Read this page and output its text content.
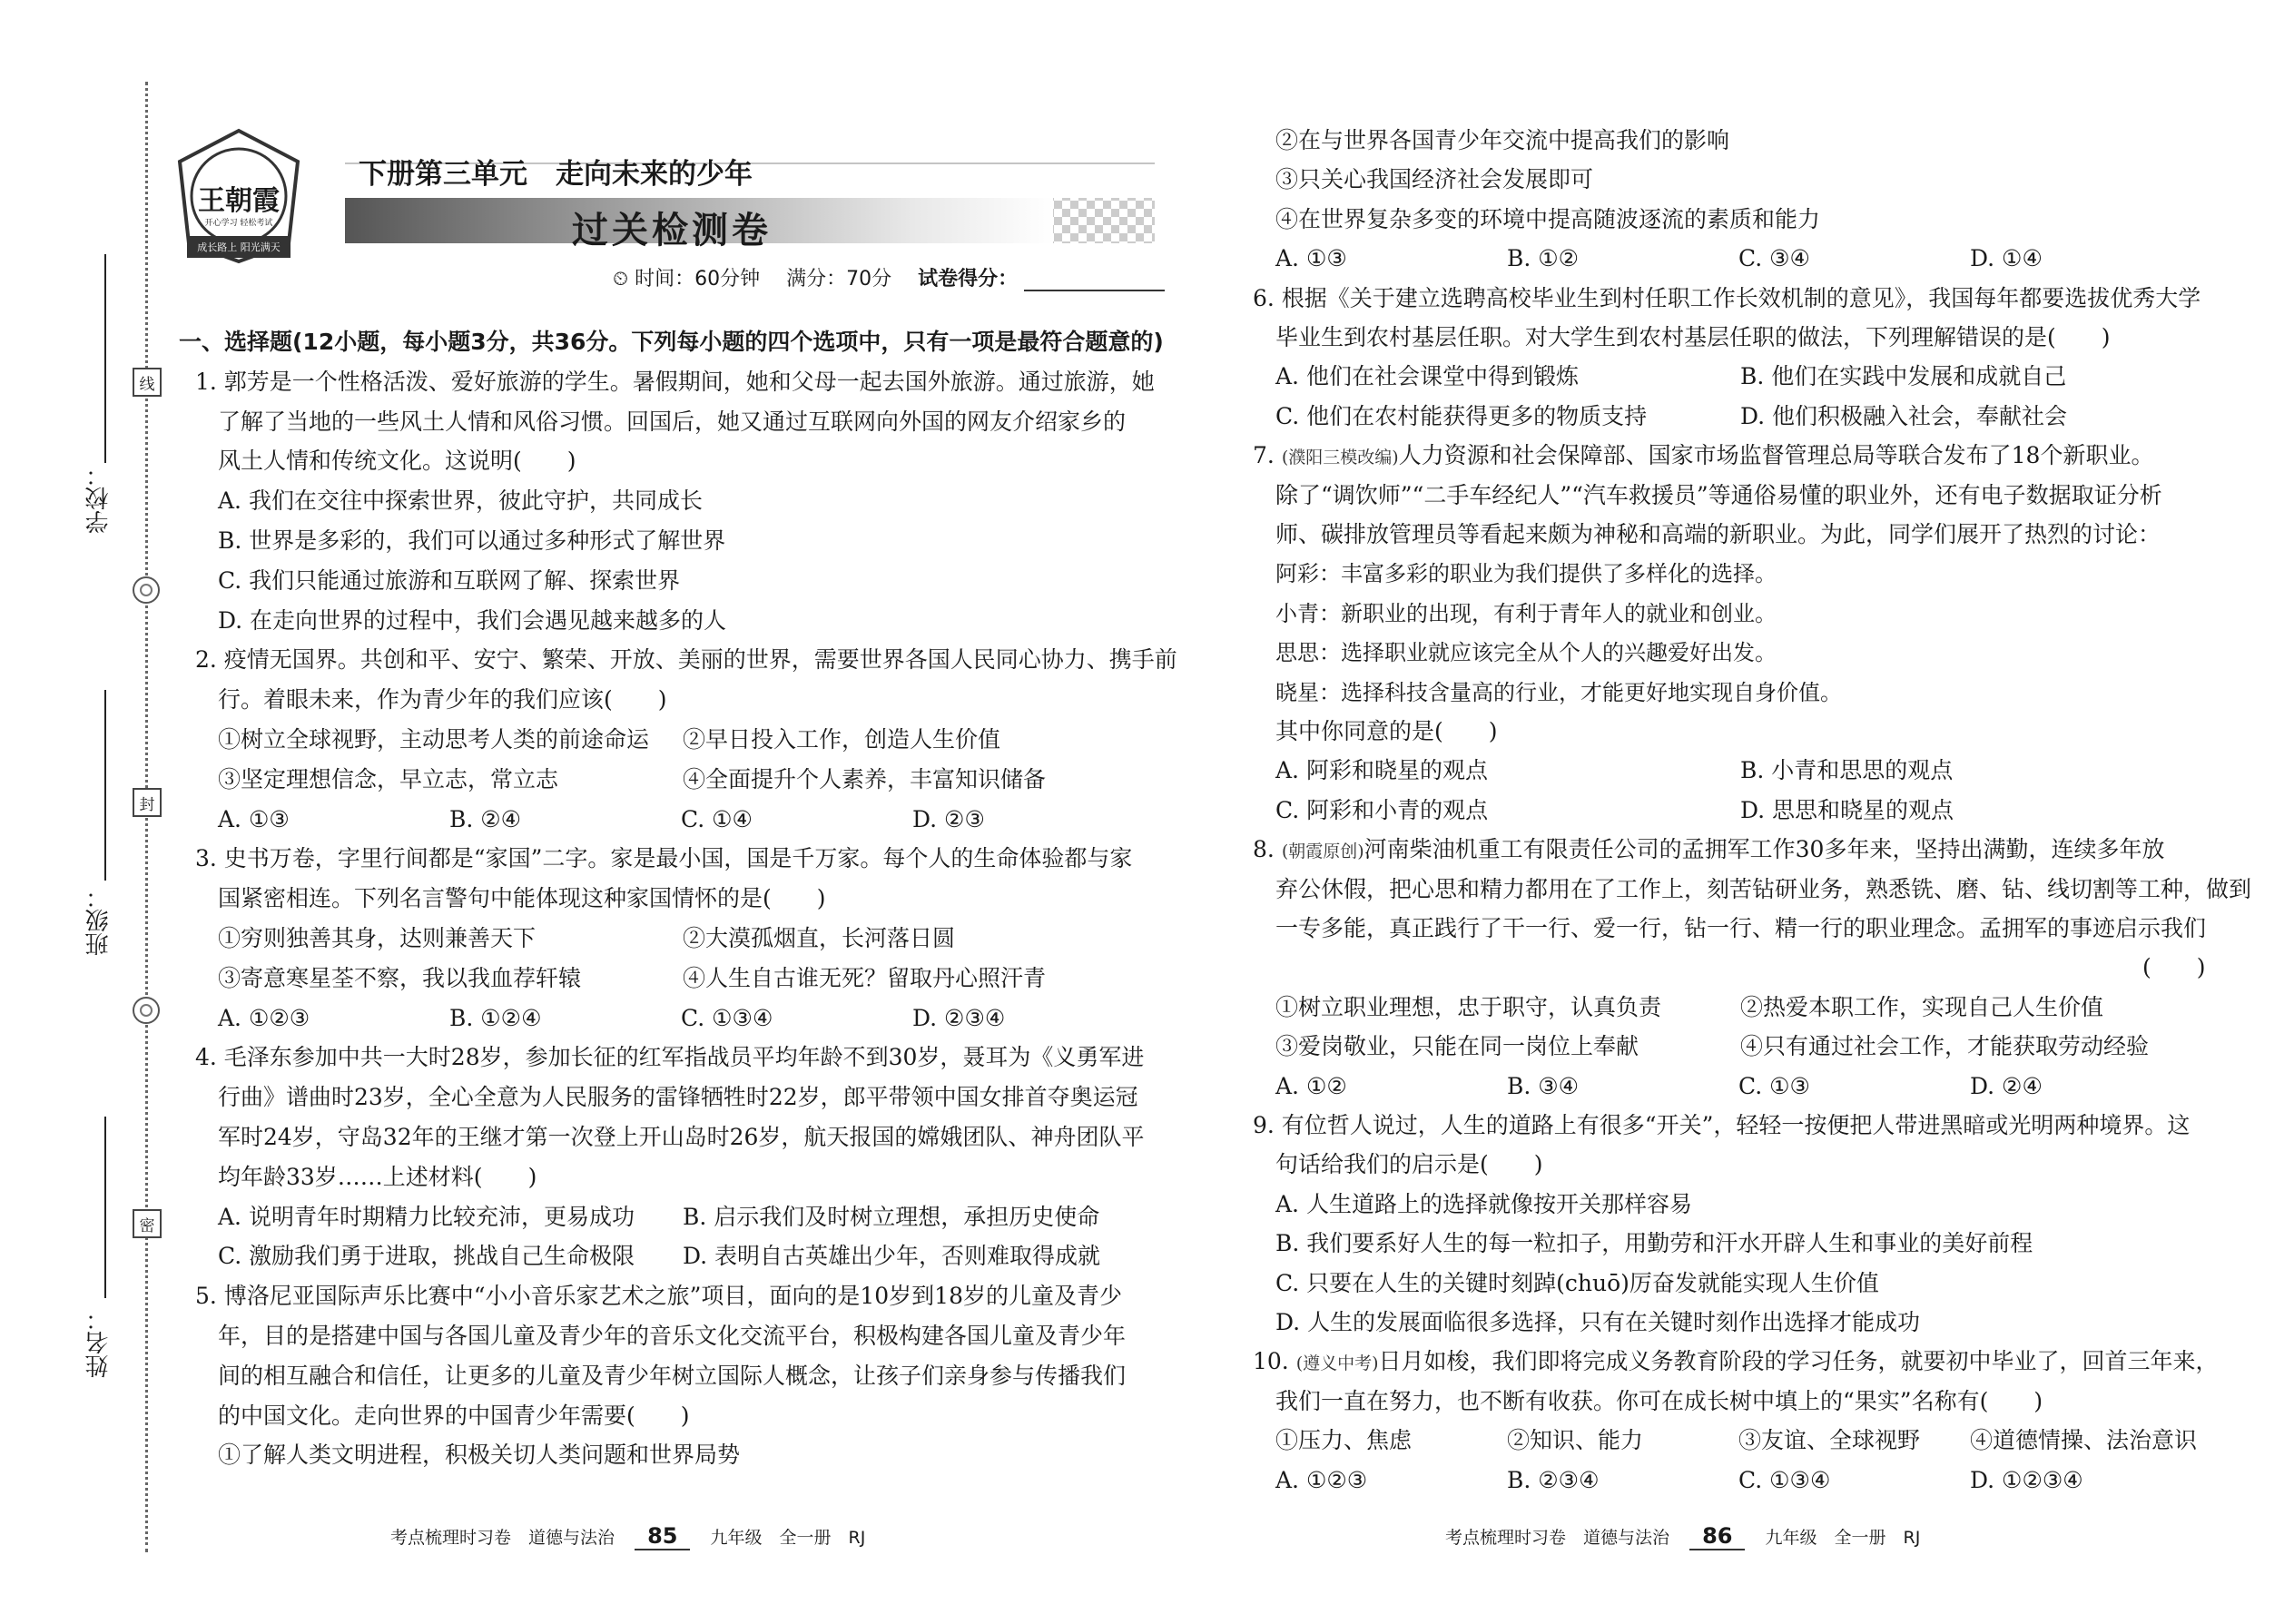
学校：
班级：
姓名：
线
封
密
王朝霞
开心学习 轻松考试
成长路上 阳光满天
下册第三单元　走向未来的少年
过关检测卷
⏲ 时间：60分钟 满分：70分 试卷得分：
一、选择题(12小题，每小题3分，共36分。下列每小题的四个选项中，只有一项是最符合题意的)
1. 郭芳是一个性格活泼、爱好旅游的学生。暑假期间，她和父母一起去国外旅游。通过旅游，她
了解了当地的一些风土人情和风俗习惯。回国后，她又通过互联网向外国的网友介绍家乡的
风土人情和传统文化。这说明(　　)
A. 我们在交往中探索世界，彼此守护，共同成长
B. 世界是多彩的，我们可以通过多种形式了解世界
C. 我们只能通过旅游和互联网了解、探索世界
D. 在走向世界的过程中，我们会遇见越来越多的人
2. 疫情无国界。共创和平、安宁、繁荣、开放、美丽的世界，需要世界各国人民同心协力、携手前
行。着眼未来，作为青少年的我们应该(　　)
①树立全球视野，主动思考人类的前途命运 ②早日投入工作，创造人生价值
③坚定理想信念，早立志，常立志	④全面提升个人素养，丰富知识储备
A. ①③	B. ②④	C. ①④	D. ②③
3. 史书万卷，字里行间都是“家国”二字。家是最小国，国是千万家。每个人的生命体验都与家
国紧密相连。下列名言警句中能体现这种家国情怀的是(　　)
①穷则独善其身，达则兼善天下	②大漠孤烟直，长河落日圆
③寄意寒星荃不察，我以我血荐轩辕	④人生自古谁无死？留取丹心照汗青
A. ①②③	B. ①②④	C. ①③④	D. ②③④
4. 毛泽东参加中共一大时28岁，参加长征的红军指战员平均年龄不到30岁，聂耳为《义勇军进
行曲》谱曲时23岁，全心全意为人民服务的雷锋牺牲时22岁，郎平带领中国女排首夺奥运冠
军时24岁，守岛32年的王继才第一次登上开山岛时26岁，航天报国的嫦娥团队、神舟团队平
均年龄33岁……上述材料(　　)
A. 说明青年时期精力比较充沛，更易成功 B. 启示我们及时树立理想，承担历史使命
C. 激励我们勇于进取，挑战自己生命极限 D. 表明自古英雄出少年，否则难取得成就
5. 博洛尼亚国际声乐比赛中“小小音乐家艺术之旅”项目，面向的是10岁到18岁的儿童及青少
年，目的是搭建中国与各国儿童及青少年的音乐文化交流平台，积极构建各国儿童及青少年
间的相互融合和信任，让更多的儿童及青少年树立国际人概念，让孩子们亲身参与传播我们
的中国文化。走向世界的中国青少年需要(　　)
①了解人类文明进程，积极关切人类问题和世界局势
②在与世界各国青少年交流中提高我们的影响
③只关心我国经济社会发展即可
④在世界复杂多变的环境中提高随波逐流的素质和能力
A. ①③	B. ①②	C. ③④	D. ①④
6. 根据《关于建立选聘高校毕业生到村任职工作长效机制的意见》，我国每年都要选拔优秀大学
毕业生到农村基层任职。对大学生到农村基层任职的做法，下列理解错误的是(　　)
A. 他们在社会课堂中得到锻炼	B. 他们在实践中发展和成就自己
C. 他们在农村能获得更多的物质支持	D. 他们积极融入社会，奉献社会
7. (濮阳三模改编)人力资源和社会保障部、国家市场监督管理总局等联合发布了18个新职业。
除了“调饮师”“二手车经纪人”“汽车救援员”等通俗易懂的职业外，还有电子数据取证分析
师、碳排放管理员等看起来颇为神秘和高端的新职业。为此，同学们展开了热烈的讨论：
阿彩：丰富多彩的职业为我们提供了多样化的选择。
小青：新职业的出现，有利于青年人的就业和创业。
思思：选择职业就应该完全从个人的兴趣爱好出发。
晓星：选择科技含量高的行业，才能更好地实现自身价值。
其中你同意的是(　　)
A. 阿彩和晓星的观点	B. 小青和思思的观点
C. 阿彩和小青的观点	D. 思思和晓星的观点
8. (朝霞原创)河南柴油机重工有限责任公司的孟拥军工作30多年来，坚持出满勤，连续多年放
弃公休假，把心思和精力都用在了工作上，刻苦钻研业务，熟悉铣、磨、钻、线切割等工种，做到
一专多能，真正践行了干一行、爱一行，钻一行、精一行的职业理念。孟拥军的事迹启示我们
(　　)
①树立职业理想，忠于职守，认真负责	②热爱本职工作，实现自己人生价值
③爱岗敬业，只能在同一岗位上奉献	④只有通过社会工作，才能获取劳动经验
A. ①②	B. ③④	C. ①③	D. ②④
9. 有位哲人说过，人生的道路上有很多“开关”，轻轻一按便把人带进黑暗或光明两种境界。这
句话给我们的启示是(　　)
A. 人生道路上的选择就像按开关那样容易
B. 我们要系好人生的每一粒扣子，用勤劳和汗水开辟人生和事业的美好前程
C. 只要在人生的关键时刻踔(chuō)厉奋发就能实现人生价值
D. 人生的发展面临很多选择，只有在关键时刻作出选择才能成功
10. (遵义中考)日月如梭，我们即将完成义务教育阶段的学习任务，就要初中毕业了，回首三年来，
我们一直在努力，也不断有收获。你可在成长树中填上的“果实”名称有(　　)
①压力、焦虑	②知识、能力	③友谊、全球视野 ④道德情操、法治意识
A. ①②③	B. ②③④	C. ①③④	D. ①②③④
考点梳理时习卷　道德与法治 85 九年级　全一册　RJ	考点梳理时习卷　道德与法治 86 九年级　全一册　RJ
